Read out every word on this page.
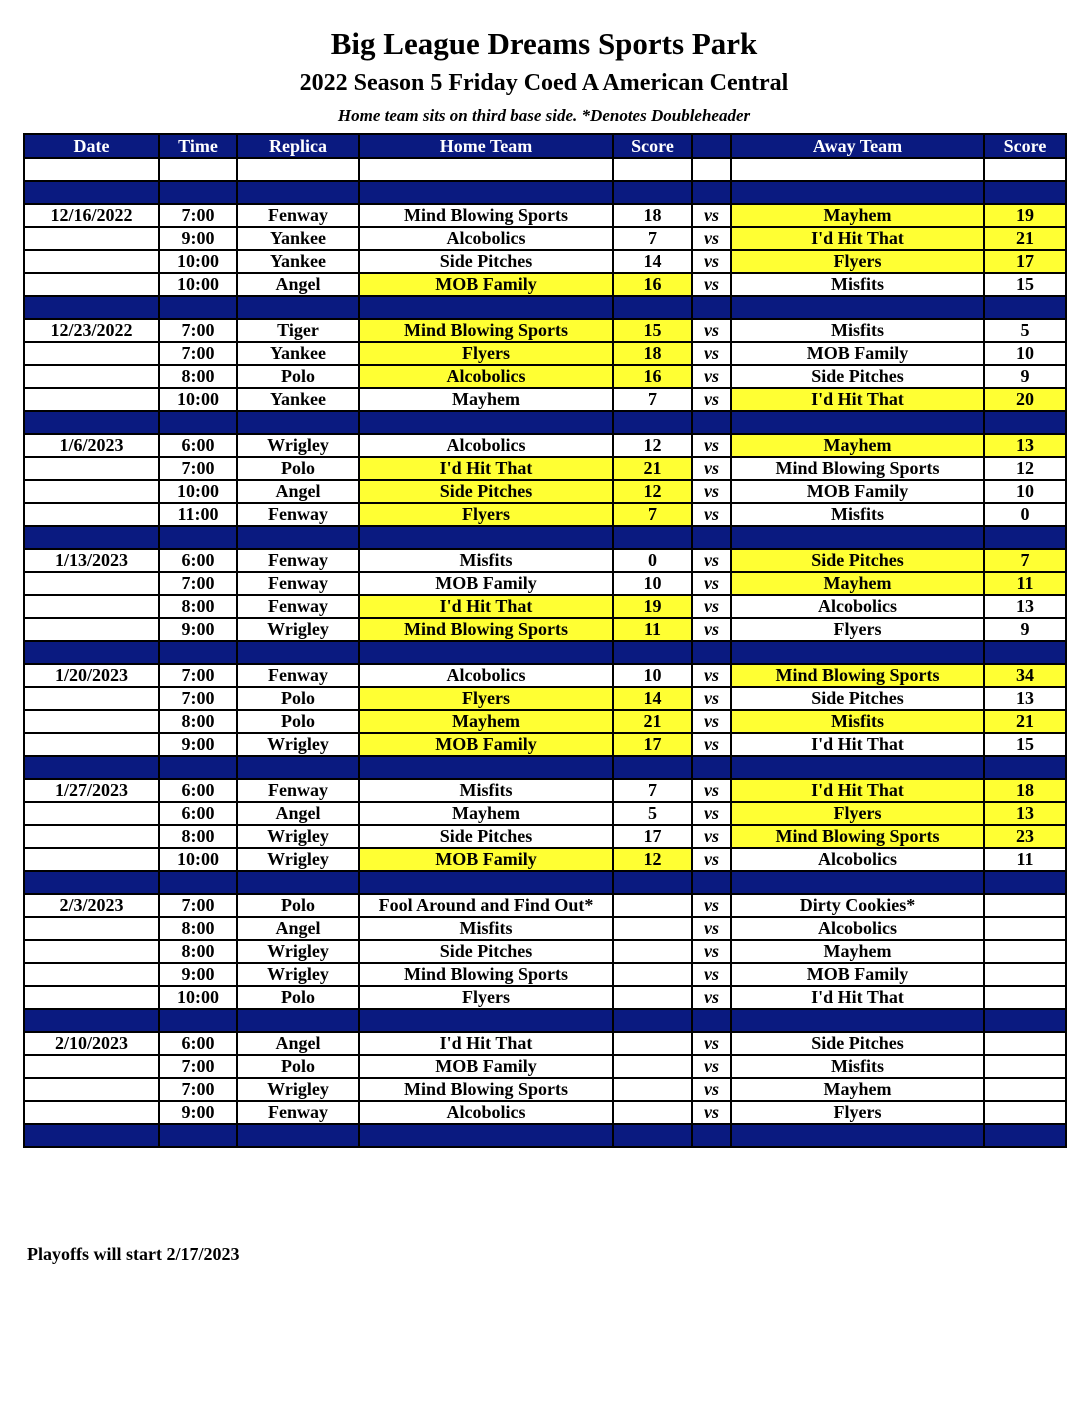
Big League Dreams Sports Park
2022 Season 5 Friday Coed A American Central
Home team sits on third base side. *Denotes Doubleheader
Date	Time	Replica	Home Team	Score		Away Team	Score

12/16/2022	7:00	Fenway	Mind Blowing Sports	18	vs	Mayhem	19
	9:00	Yankee	Alcobolics	7	vs	I'd Hit That	21
	10:00	Yankee	Side Pitches	14	vs	Flyers	17
	10:00	Angel	MOB Family	16	vs	Misfits	15

12/23/2022	7:00	Tiger	Mind Blowing Sports	15	vs	Misfits	5
	7:00	Yankee	Flyers	18	vs	MOB Family	10
	8:00	Polo	Alcobolics	16	vs	Side Pitches	9
	10:00	Yankee	Mayhem	7	vs	I'd Hit That	20

1/6/2023	6:00	Wrigley	Alcobolics	12	vs	Mayhem	13
	7:00	Polo	I'd Hit That	21	vs	Mind Blowing Sports	12
	10:00	Angel	Side Pitches	12	vs	MOB Family	10
	11:00	Fenway	Flyers	7	vs	Misfits	0

1/13/2023	6:00	Fenway	Misfits	0	vs	Side Pitches	7
	7:00	Fenway	MOB Family	10	vs	Mayhem	11
	8:00	Fenway	I'd Hit That	19	vs	Alcobolics	13
	9:00	Wrigley	Mind Blowing Sports	11	vs	Flyers	9

1/20/2023	7:00	Fenway	Alcobolics	10	vs	Mind Blowing Sports	34
	7:00	Polo	Flyers	14	vs	Side Pitches	13
	8:00	Polo	Mayhem	21	vs	Misfits	21
	9:00	Wrigley	MOB Family	17	vs	I'd Hit That	15

1/27/2023	6:00	Fenway	Misfits	7	vs	I'd Hit That	18
	6:00	Angel	Mayhem	5	vs	Flyers	13
	8:00	Wrigley	Side Pitches	17	vs	Mind Blowing Sports	23
	10:00	Wrigley	MOB Family	12	vs	Alcobolics	11

2/3/2023	7:00	Polo	Fool Around and Find Out*		vs	Dirty Cookies*	
	8:00	Angel	Misfits		vs	Alcobolics	
	8:00	Wrigley	Side Pitches		vs	Mayhem	
	9:00	Wrigley	Mind Blowing Sports		vs	MOB Family	
	10:00	Polo	Flyers		vs	I'd Hit That	

2/10/2023	6:00	Angel	I'd Hit That		vs	Side Pitches	
	7:00	Polo	MOB Family		vs	Misfits	
	7:00	Wrigley	Mind Blowing Sports		vs	Mayhem	
	9:00	Fenway	Alcobolics		vs	Flyers	

Playoffs will start 2/17/2023
